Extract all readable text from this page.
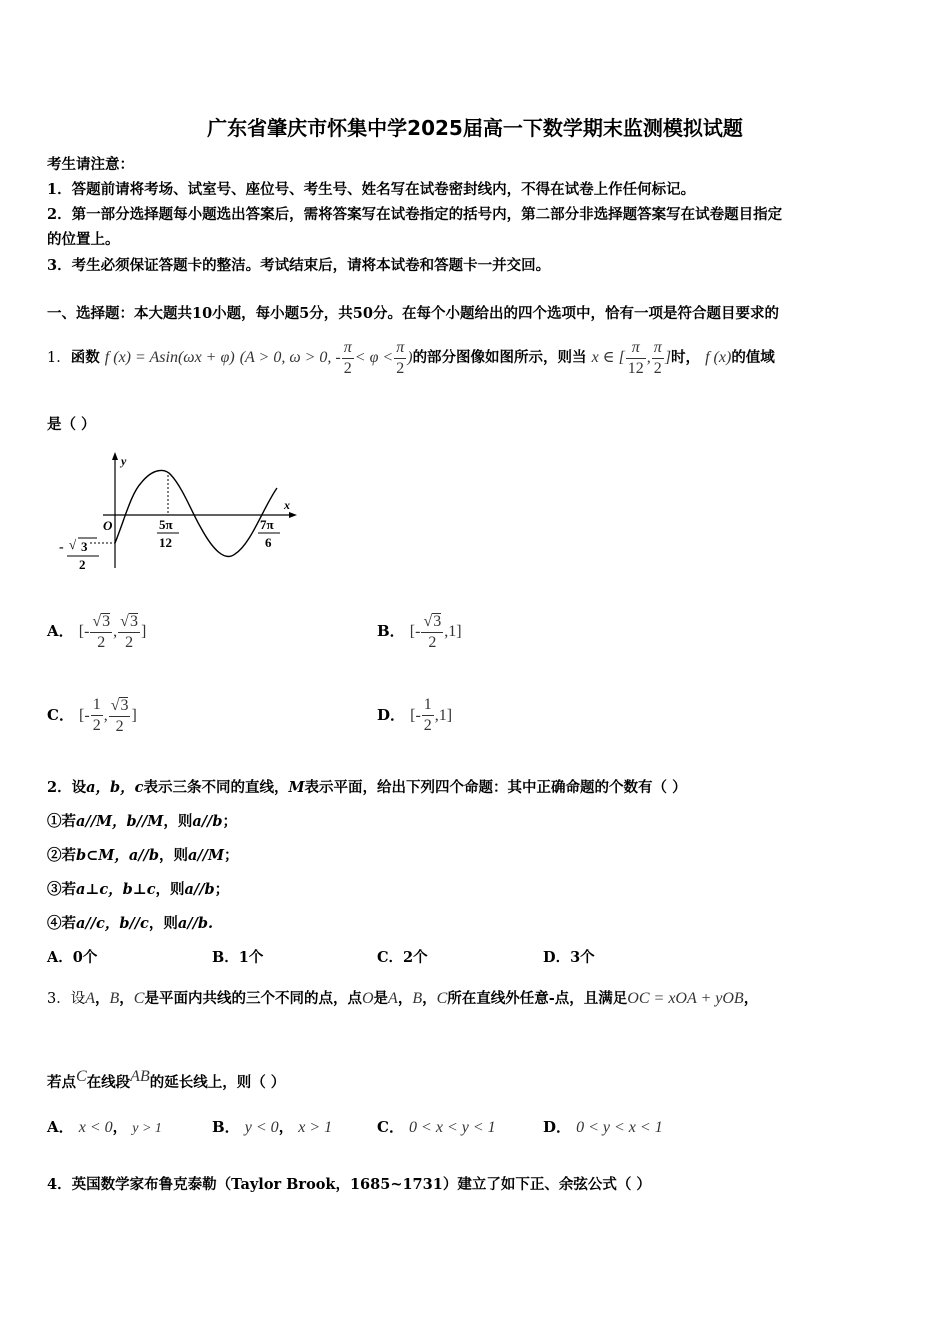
广东省肇庆市怀集中学2025届高一下数学期末监测模拟试题
考生请注意：
1．答题前请将考场、试室号、座位号、考生号、姓名写在试卷密封线内，不得在试卷上作任何标记。
2．第一部分选择题每小题选出答案后，需将答案写在试卷指定的括号内，第二部分非选择题答案写在试卷题目指定
的位置上。
3．考生必须保证答题卡的整洁。考试结束后，请将本试卷和答题卡一并交回。
一、选择题：本大题共10小题，每小题5分，共50分。在每个小题给出的四个选项中，恰有一项是符合题目要求的
1．函数 f (x) = Asin(ωx + φ) (A > 0, ω > 0, - $\frac{\pi}{2} < \varphi < \frac{\pi}{2}$ )的部分图像如图所示，则当 x ∈ [ $\frac{\pi}{12}$ , $\frac{\pi}{2}$ ]时， f (x)的值域
是（ ）
y
x
O	5π
12
7π
6
- √ 3
2
A． [- $\frac{√3}{2}$ , $\frac{√3}{2}$ ]	B． [- $\frac{√3}{2} ,1$]
C． [- $\frac{1}{2}$ , $\frac{√3}{2}$ ]	D． [- $\frac{1}{2} ,1$]
2．设a，b，c表示三条不同的直线，M表示平面，给出下列四个命题：其中正确命题的个数有（ ）
①若a//M，b//M，则a//b；
②若b⊂M，a//b，则a//M；
③若a⊥c，b⊥c，则a//b；
④若a//c，b//c，则a//b.
A．0个	B．1个	C．2个	D．3个
3．设A，B，C是平面内共线的三个不同的点，点O是A，B，C所在直线外任意-点，且满足OC = xOA + yOB，
若点C在线段AB的延长线上，则（ ）
A． x < 0， y > 1	B． y < 0， x > 1	C． 0 < x < y < 1	D． 0 < y < x < 1
4．英国数学家布鲁克泰勒（Taylor Brook，1685~1731）建立了如下正、余弦公式（ ）
